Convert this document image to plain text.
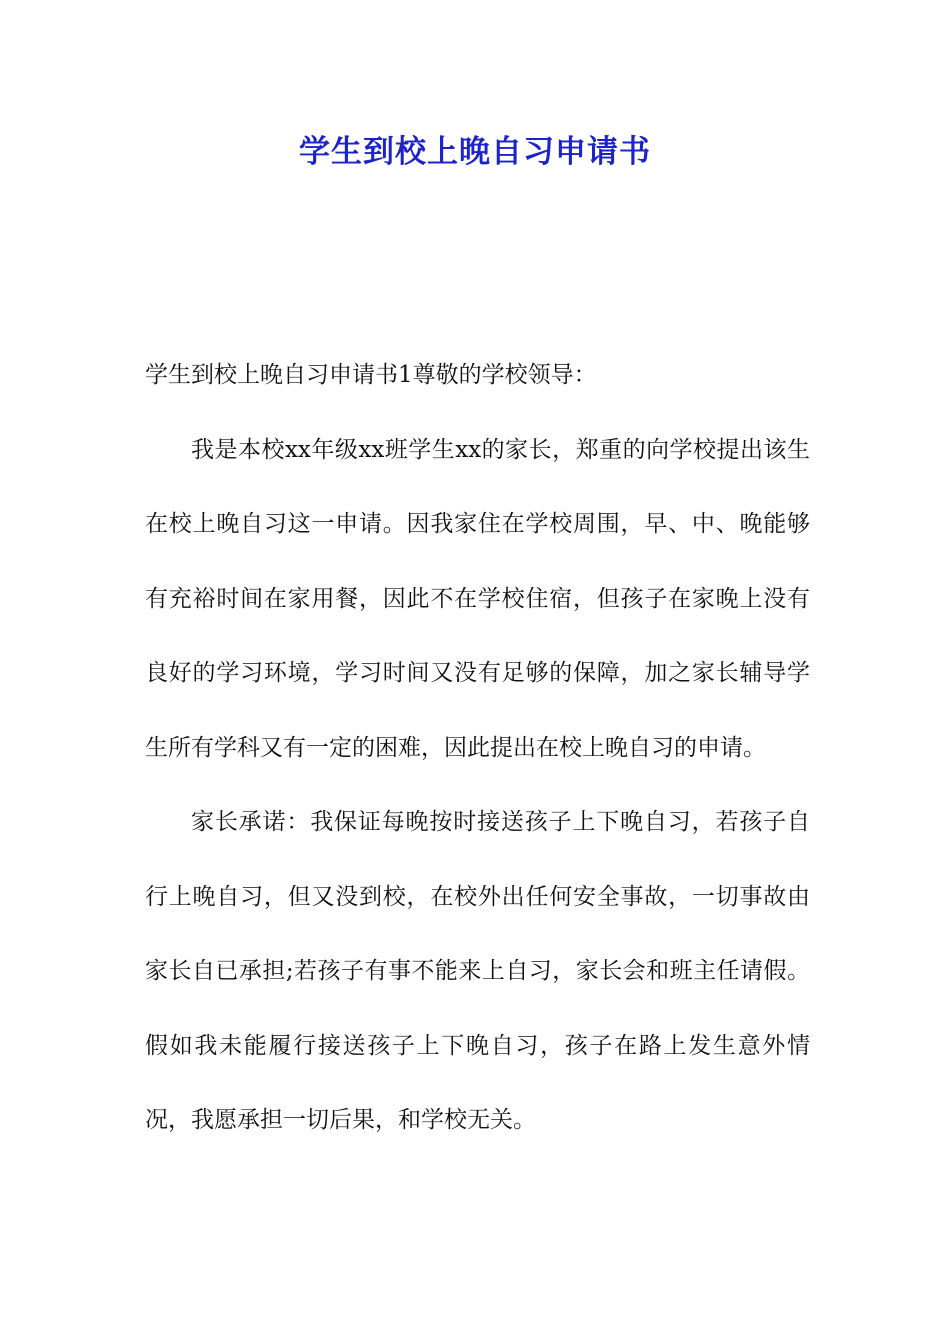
学生到校上晚自习申请书

学生到校上晚自习申请书1尊敬的学校领导：

我是本校xx年级xx班学生xx的家长，郑重的向学校提出该生在校上晚自习这一申请。因我家住在学校周围，早、中、晚能够有充裕时间在家用餐，因此不在学校住宿，但孩子在家晚上没有良好的学习环境，学习时间又没有足够的保障，加之家长辅导学生所有学科又有一定的困难，因此提出在校上晚自习的申请。

家长承诺：我保证每晚按时接送孩子上下晚自习，若孩子自行上晚自习，但又没到校，在校外出任何安全事故，一切事故由家长自已承担;若孩子有事不能来上自习，家长会和班主任请假。假如我未能履行接送孩子上下晚自习，孩子在路上发生意外情况，我愿承担一切后果，和学校无关。
